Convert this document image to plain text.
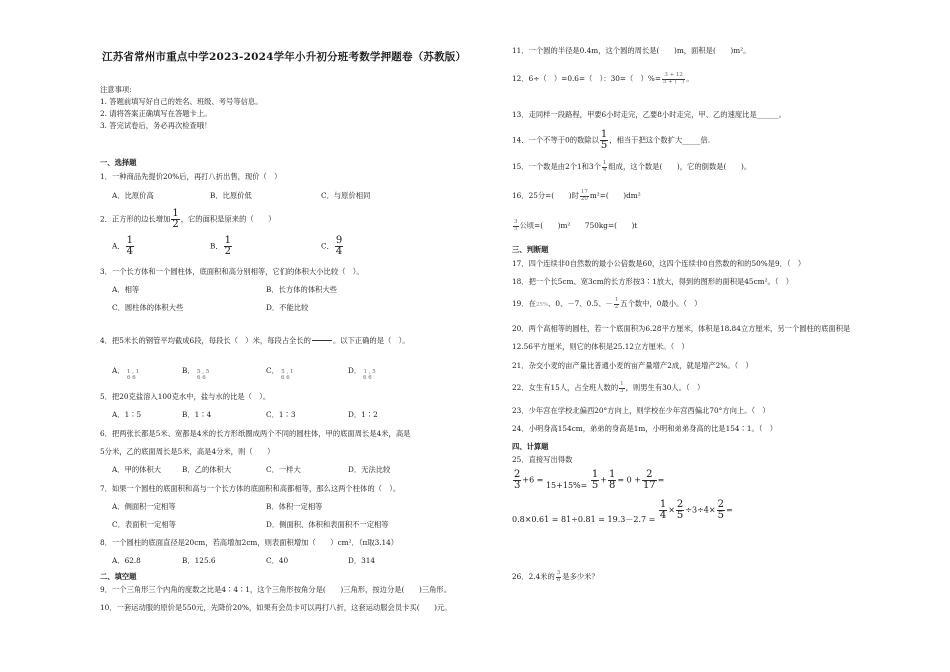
江苏省常州市重点中学2023-2024学年小升初分班考数学押题卷（苏教版）
注意事项:
1. 答题前填写好自己的姓名、班级、考号等信息。
2. 请将答案正确填写在答题卡上。
3. 答完试卷后，务必再次检查哦！
一、选择题
1．一种商品先提价20%后，再打八折出售，现价（　）
A．比原价高	B．比原价低	C．与原价相同
2．正方形的边长增加 $\frac{1}{2}$ ，它的面积是原来的（　　）
A． $\frac{1}{4}$	B． $\frac{1}{2}$	C． $\frac{9}{4}$
3．一个长方体和一个圆柱体，底面积和高分别相等，它们的体积大小比较（　）。
A．相等	B．长方体的体积大些
C．圆柱体的体积大些	D．不能比较
4．把5米长的钢管平均截成6段，每段长（　）米，每段占全长的

	。以下正确的是（　）。
A． 1 , 1	B． 5 , 5	C． 5 , 1	D． 1 , 5
6 6	6 6	6 6	6 6
5．把20克盐溶入100克水中，盐与水的比是（　）。
A．1∶5	B．1∶4	C．1∶3	D．1∶2
6．把两张长都是5米、宽都是4米的长方形纸圈成两个不同的圆柱体，甲的底面周长是4米，高是
5分米，乙的底面周长是5米，高是4分米，则（　　）
A．甲的体积大	B．乙的体积大	C．一样大	D．无法比较
7．如果一个圆柱的底面积和高与一个长方体的底面积和高都相等，那么这两个柱体的（　）。
A．侧面积一定相等	B．体积一定相等
C．表面积一定相等	D．侧面积、体积和表面积不一定相等
8．一个圆柱的底面直径是20cm，若高增加2cm，则表面积增加（　　）cm²．（π取3.14）
A．62.8	B．125.6	C．40	D．314
二、填空题
9．一个三角形三个内角的度数之比是4∶4∶1，这个三角形按角分是(　　)三角形，按边分是(　　)三角形。
10．一套运动服的原价是550元，先降价20%，如果有会员卡可以再打八折，这套运动服会员卡买(　　)元。
11．一个圆的半径是0.4m，这个圆的周长是(　　)m，面积是(　　)m²。
12．6÷（　）=0.6=（　）：30=（　）%= $\frac{3 + 12}{5 + ( )}$ 。
13．走同样一段路程，甲要6小时走完，乙要8小时走完，甲、乙的速度比是______。
14．一个不等于0的数除以 $\frac{1}{5}$ ，相当于把这个数扩大_____倍.
15．一个数是由2个1和3个 $\frac{1}{4}$ 组成，这个数是(　　)，它的倒数是(　　)。
16．25分=(　　)时 $\frac{17}{20} m^2=$(　　)dm²
$\frac{3}{5}$ 公顷=(　　)m²　　750kg=(　　)t
三、判断题
17．四个连续非0自然数的最小公倍数是60，这四个连续非0自然数的和的50%是9．（　）
18．把一个长5cm、宽3cm的长方形按3∶1放大，得到的图形的面积是45cm²。（　）
19．在25%、0、－7、0.5、－ $\frac{1}{2}$ 五个数中，0最小。（　）
20．两个高相等的圆柱，若一个底面积为6.28平方厘米，体积是18.84立方厘米，另一个圆柱的底面积是
12.56平方厘米，则它的体积是25.12立方厘米。（　）
21．杂交小麦的亩产量比普通小麦的亩产量增产2成，就是增产2%。（　）
22．女生有15人，占全班人数的 $\frac{1}{3}$ ，则男生有30人。（　）
23．少年宫在学校北偏西20°方向上，则学校在少年宫西偏北70°方向上。（　）
24．小明身高154cm，弟弟的身高是1m，小明和弟弟身高的比是154∶1。（　）
四、计算题
25．直接写出得数
$\frac{2}{3} +6 = 15+15\%= \frac{1}{5} + \frac{1}{8} = 0 + \frac{2}{17}$ =
$0.8\times 0.61 = 81\div 0.81 = 19.3-2.7 = \frac{1}{4} \times \frac{2}{5} \div 3\div 4\times \frac{2}{5}$ =
26．2.4米的 $\frac{3}{8}$ 是多少米？
